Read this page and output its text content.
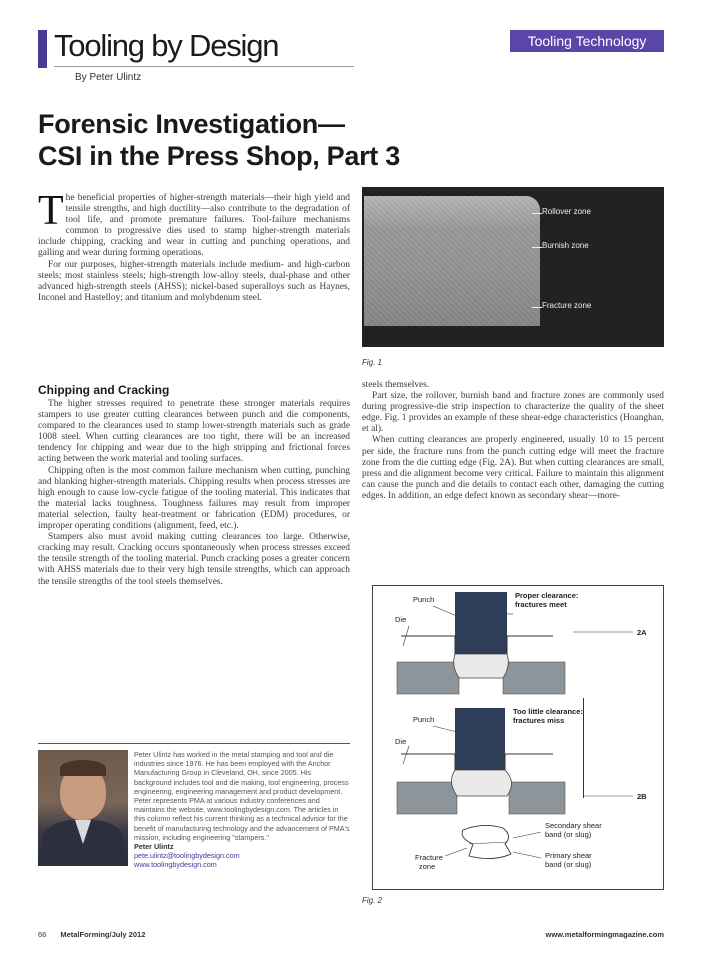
Tooling by Design	Tooling Technology
By Peter Ulintz
Forensic Investigation—
CSI in the Press Shop, Part 3

The beneficial properties of higher-strength materials—their high yield and tensile strengths, and high ductility—also contribute to the degradation of tool life, and promote premature failures. Tool-failure mechanisms common to progressive dies used to stamp higher-strength materials include chipping, cracking and wear in cutting and punching operations, and galling and wear during forming operations.

For our purposes, higher-strength materials include medium- and high-carbon steels; most stainless steels; high-strength low-alloy steels, dual-phase and other advanced high-strength steels (AHSS); nickel-based superalloys such as Haynes, Inconel and Hastelloy; and titanium and molybdenum steel.

Rollover zone
Burnish zone
Fracture zone
Fig. 1
Chipping and Cracking

The higher stresses required to penetrate these stronger materials requires stampers to use greater cutting clearances between punch and die components, compared to the clearances used to stamp lower-strength materials such as grade 1008 steel. When cutting clearances are too tight, there will be an increased tendency for chipping and wear due to the high stripping and frictional forces acting between the work material and tooling surfaces.

Chipping often is the most common failure mechanism when cutting, punching and blanking higher-strength materials. Chipping results when process stresses are high enough to cause low-cycle fatigue of the tooling material. This indicates that the material lacks toughness. Toughness failures may result from improper material selection, faulty heat-treatment or fabrication (EDM) procedures, or improper operating conditions (alignment, feed, etc.).

Stampers also must avoid making cutting clearances too large. Otherwise, cracking may result. Cracking occurs spontaneously when process stresses exceed the tensile strength of the tooling material. Punch cracking poses a greater concern with AHSS materials due to their very high tensile strengths, which can approach the tensile strengths of the tool steels themselves.

steels themselves.

Part size, the rollover, burnish band and fracture zones are commonly used during progressive-die strip inspection to characterize the quality of the sheet edge. Fig. 1 provides an example of these shear-edge characteristics (Hoanghan, et al).

When cutting clearances are properly engineered, usually 10 to 15 percent per side, the fracture runs from the punch cutting edge will meet the fracture zone from the die cutting edge (Fig. 2A). But when cutting clearances are small, press and die alignment become very critical. Failure to maintain this alignment can cause the punch and die details to contact each other, damaging the cutting edges. In addition, an edge defect known as secondary shear—more-

Punch
Die
Proper clearance:
fractures meet
2A
Punch
Die
Too little clearance:
fractures miss
2B
Fracture
zone
Secondary shear
band (or slug)
Primary shear
band (or slug)
Fig. 2
Peter Ulintz has worked in the metal stamping and tool and die industries since 1976. He has been employed with the Anchor Manufacturing Group in Cleveland, OH, since 2005. His background includes tool and die making, tool engineering, process engineering, engineering management and product development. Peter represents PMA at various industry conferences and maintains the website, www.toolingbydesign.com. The articles in this column reflect his current thinking as a technical advisor for the benefit of manufacturing technology and the advancement of PMA's mission, including engineering "stampers."
Peter Ulintz
pete.ulintz@toolingbydesign.com
www.toolingbydesign.com
66 MetalForming/July 2012	www.metalformingmagazine.com
